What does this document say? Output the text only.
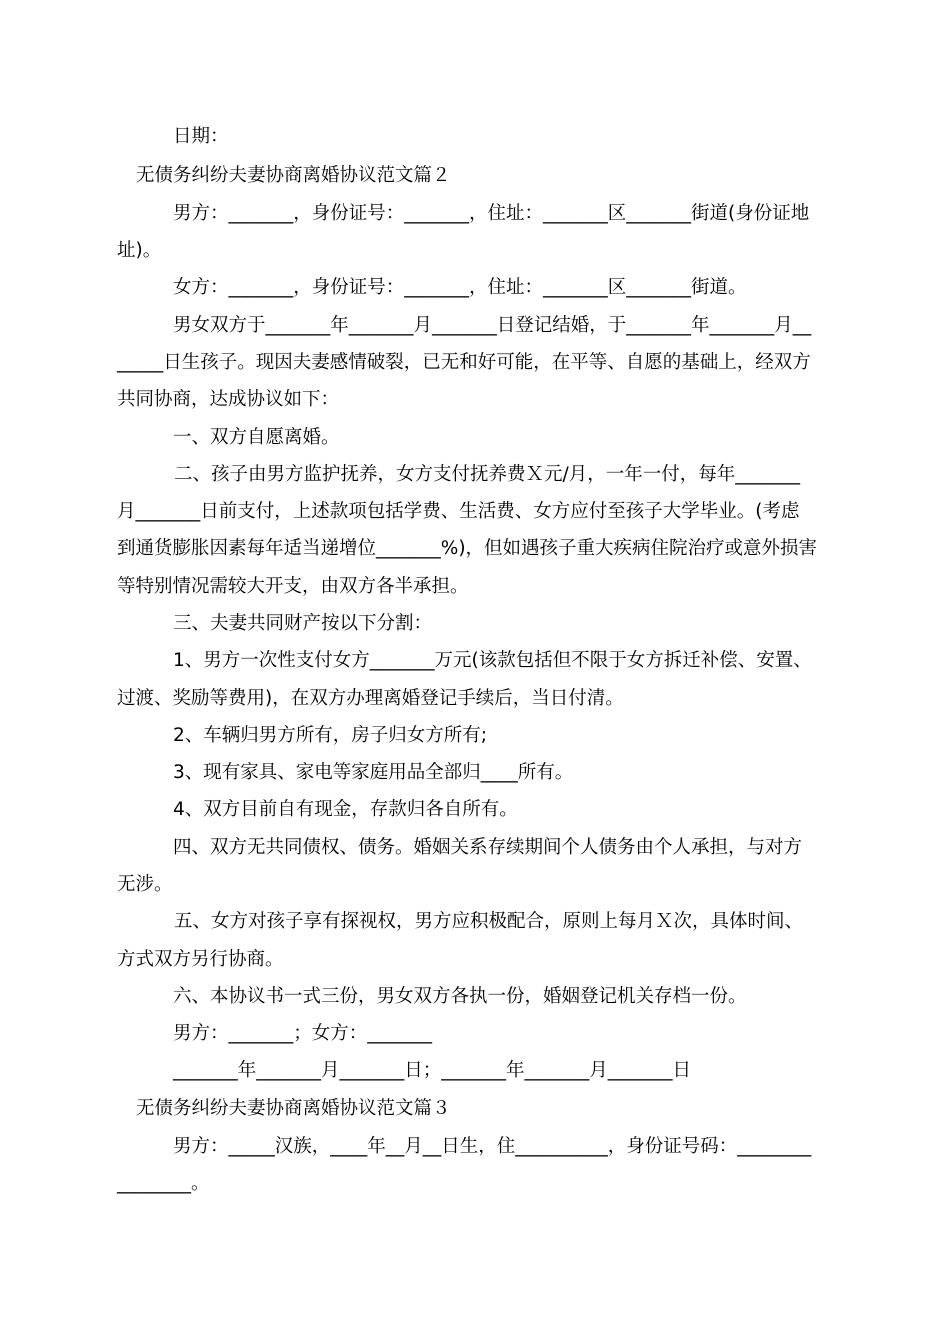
日期：
无债务纠纷夫妻协商离婚协议范文篇２
男方：_______，身份证号：_______，住址：_______区_______街道(身份证地
址)。
女方：_______，身份证号：_______，住址：_______区_______街道。
男女双方于_______年_______月_______日登记结婚，于_______年_______月__
_____日生孩子。现因夫妻感情破裂，已无和好可能，在平等、自愿的基础上，经双方
共同协商，达成协议如下：
一、双方自愿离婚。
二、孩子由男方监护抚养，女方支付抚养费Ｘ元/月，一年一付，每年_______
月_______日前支付，上述款项包括学费、生活费、女方应付至孩子大学毕业。(考虑
到通货膨胀因素每年适当递增位_______%)，但如遇孩子重大疾病住院治疗或意外损害
等特别情况需较大开支，由双方各半承担。
三、夫妻共同财产按以下分割：
1、男方一次性支付女方_______万元(该款包括但不限于女方拆迁补偿、安置、
过渡、奖励等费用)，在双方办理离婚登记手续后，当日付清。
2、车辆归男方所有，房子归女方所有;
3、现有家具、家电等家庭用品全部归____所有。
4、双方目前自有现金，存款归各自所有。
四、双方无共同债权、债务。婚姻关系存续期间个人债务由个人承担，与对方
无涉。
五、女方对孩子享有探视权，男方应积极配合，原则上每月Ｘ次，具体时间、
方式双方另行协商。
六、本协议书一式三份，男女双方各执一份，婚姻登记机关存档一份。
男方：_______；女方：_______
_______年_______月_______日；_______年_______月_______日
无债务纠纷夫妻协商离婚协议范文篇３
男方：_____汉族，____年__月__日生，住__________，身份证号码：________
________。
